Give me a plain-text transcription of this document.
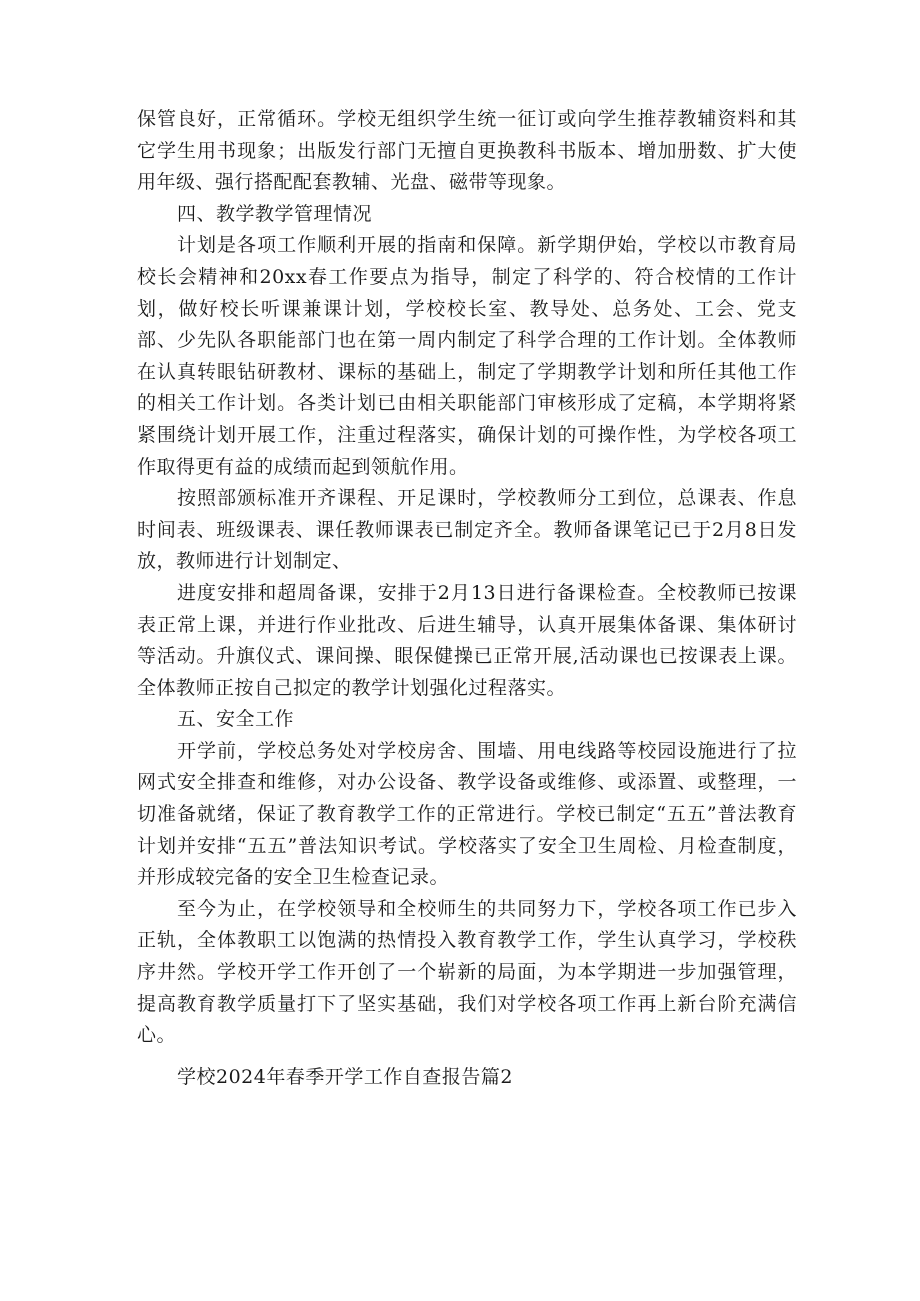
保管良好，正常循环。学校无组织学生统一征订或向学生推荐教辅资料和其它学生用书现象；出版发行部门无擅自更换教科书版本、增加册数、扩大使用年级、强行搭配配套教辅、光盘、磁带等现象。

四、教学教学管理情况

计划是各项工作顺利开展的指南和保障。新学期伊始，学校以市教育局校长会精神和20xx春工作要点为指导，制定了科学的、符合校情的工作计划，做好校长听课兼课计划，学校校长室、教导处、总务处、工会、党支部、少先队各职能部门也在第一周内制定了科学合理的工作计划。全体教师在认真转眼钻研教材、课标的基础上，制定了学期教学计划和所任其他工作的相关工作计划。各类计划已由相关职能部门审核形成了定稿，本学期将紧紧围绕计划开展工作，注重过程落实，确保计划的可操作性，为学校各项工作取得更有益的成绩而起到领航作用。

按照部颁标准开齐课程、开足课时，学校教师分工到位，总课表、作息时间表、班级课表、课任教师课表已制定齐全。教师备课笔记已于2月8日发放，教师进行计划制定、

进度安排和超周备课，安排于2月13日进行备课检查。全校教师已按课表正常上课，并进行作业批改、后进生辅导，认真开展集体备课、集体研讨等活动。升旗仪式、课间操、眼保健操已正常开展,活动课也已按课表上课。全体教师正按自己拟定的教学计划强化过程落实。

五、安全工作

开学前，学校总务处对学校房舍、围墙、用电线路等校园设施进行了拉网式安全排查和维修，对办公设备、教学设备或维修、或添置、或整理，一切准备就绪，保证了教育教学工作的正常进行。学校已制定“五五”普法教育计划并安排“五五”普法知识考试。学校落实了安全卫生周检、月检查制度，并形成较完备的安全卫生检查记录。

至今为止，在学校领导和全校师生的共同努力下，学校各项工作已步入正轨，全体教职工以饱满的热情投入教育教学工作，学生认真学习，学校秩序井然。学校开学工作开创了一个崭新的局面，为本学期进一步加强管理，提高教育教学质量打下了坚实基础，我们对学校各项工作再上新台阶充满信心。

学校2024年春季开学工作自查报告篇2
